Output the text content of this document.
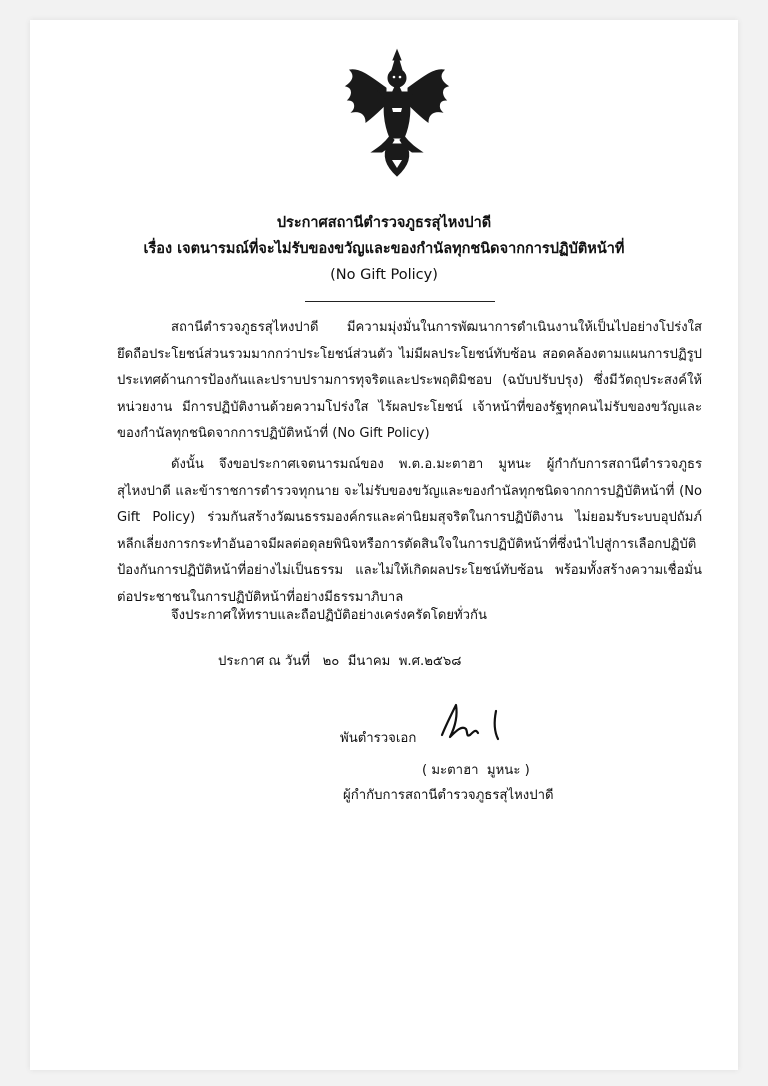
ประกาศสถานีตำรวจภูธรสุไหงปาดี
เรื่อง เจตนารมณ์ที่จะไม่รับของขวัญและของกำนัลทุกชนิดจากการปฏิบัติหน้าที่
(No Gift Policy)

สถานีตำรวจภูธรสุไหงปาดี มีความมุ่งมั่นในการพัฒนาการดำเนินงานให้เป็นไปอย่างโปร่งใส ยึดถือประโยชน์ส่วนรวมมากกว่าประโยชน์ส่วนตัว ไม่มีผลประโยชน์ทับซ้อน สอดคล้องตามแผนการปฏิรูปประเทศด้านการป้องกันและปราบปรามการทุจริตและประพฤติมิชอบ (ฉบับปรับปรุง) ซึ่งมีวัตถุประสงค์ให้หน่วยงาน มีการปฏิบัติงานด้วยความโปร่งใส ไร้ผลประโยชน์ เจ้าหน้าที่ของรัฐทุกคนไม่รับของขวัญและของกำนัลทุกชนิดจากการปฏิบัติหน้าที่ (No Gift Policy)

ดังนั้น จึงขอประกาศเจตนารมณ์ของ พ.ต.อ.มะตาฮา มูหนะ ผู้กำกับการสถานีตำรวจภูธรสุไหงปาดี และข้าราชการตำรวจทุกนาย จะไม่รับของขวัญและของกำนัลทุกชนิดจากการปฏิบัติหน้าที่ (No Gift Policy) ร่วมกันสร้างวัฒนธรรมองค์กรและค่านิยมสุจริตในการปฏิบัติงาน ไม่ยอมรับระบบอุปถัมภ์ หลีกเลี่ยงการกระทำอันอาจมีผลต่อดุลยพินิจหรือการตัดสินใจในการปฏิบัติหน้าที่ซึ่งนำไปสู่การเลือกปฏิบัติ ป้องกันการปฏิบัติหน้าที่อย่างไม่เป็นธรรม และไม่ให้เกิดผลประโยชน์ทับซ้อน พร้อมทั้งสร้างความเชื่อมั่นต่อประชาชนในการปฏิบัติหน้าที่อย่างมีธรรมาภิบาล

จึงประกาศให้ทราบและถือปฏิบัติอย่างเคร่งครัดโดยทั่วกัน

ประกาศ ณ วันที่   ๒๐  มีนาคม  พ.ศ.๒๕๖๘
พันตำรวจเอก
( มะตาฮา  มูหนะ )
ผู้กำกับการสถานีตำรวจภูธรสุไหงปาดี
